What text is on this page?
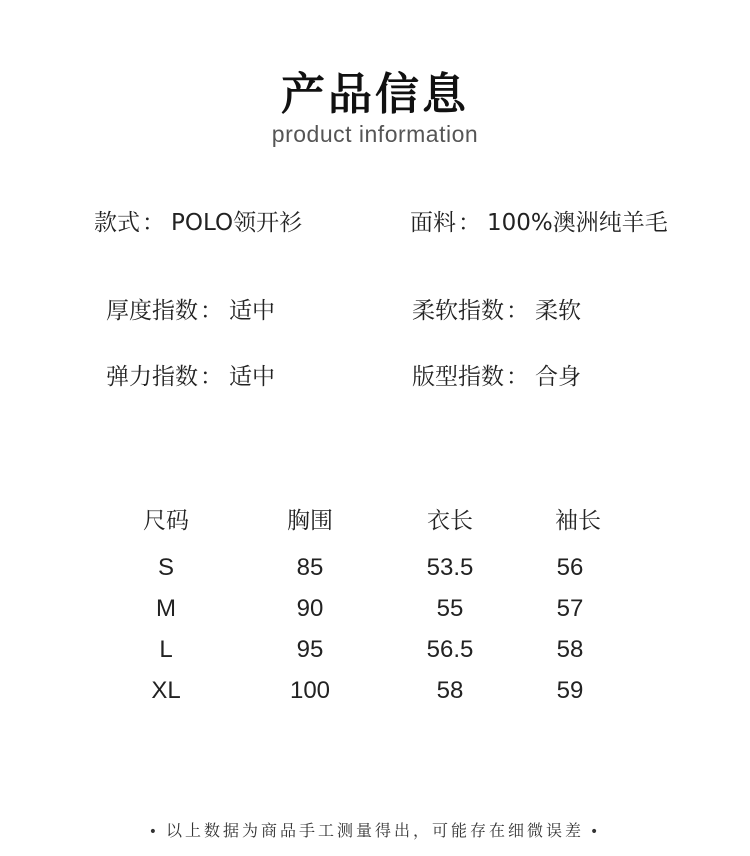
产品信息
product information
款式： POLO领开衫	面料： 100%澳洲纯羊毛
厚度指数： 适中	柔软指数： 柔软
弹力指数： 适中	版型指数： 合身
尺码	胸围	衣长	袖长
S	85	53.5	56
M	90	55	57
L	95	56.5	58
XL	100	58	59
• 以上数据为商品手工测量得出，可能存在细微误差 •
